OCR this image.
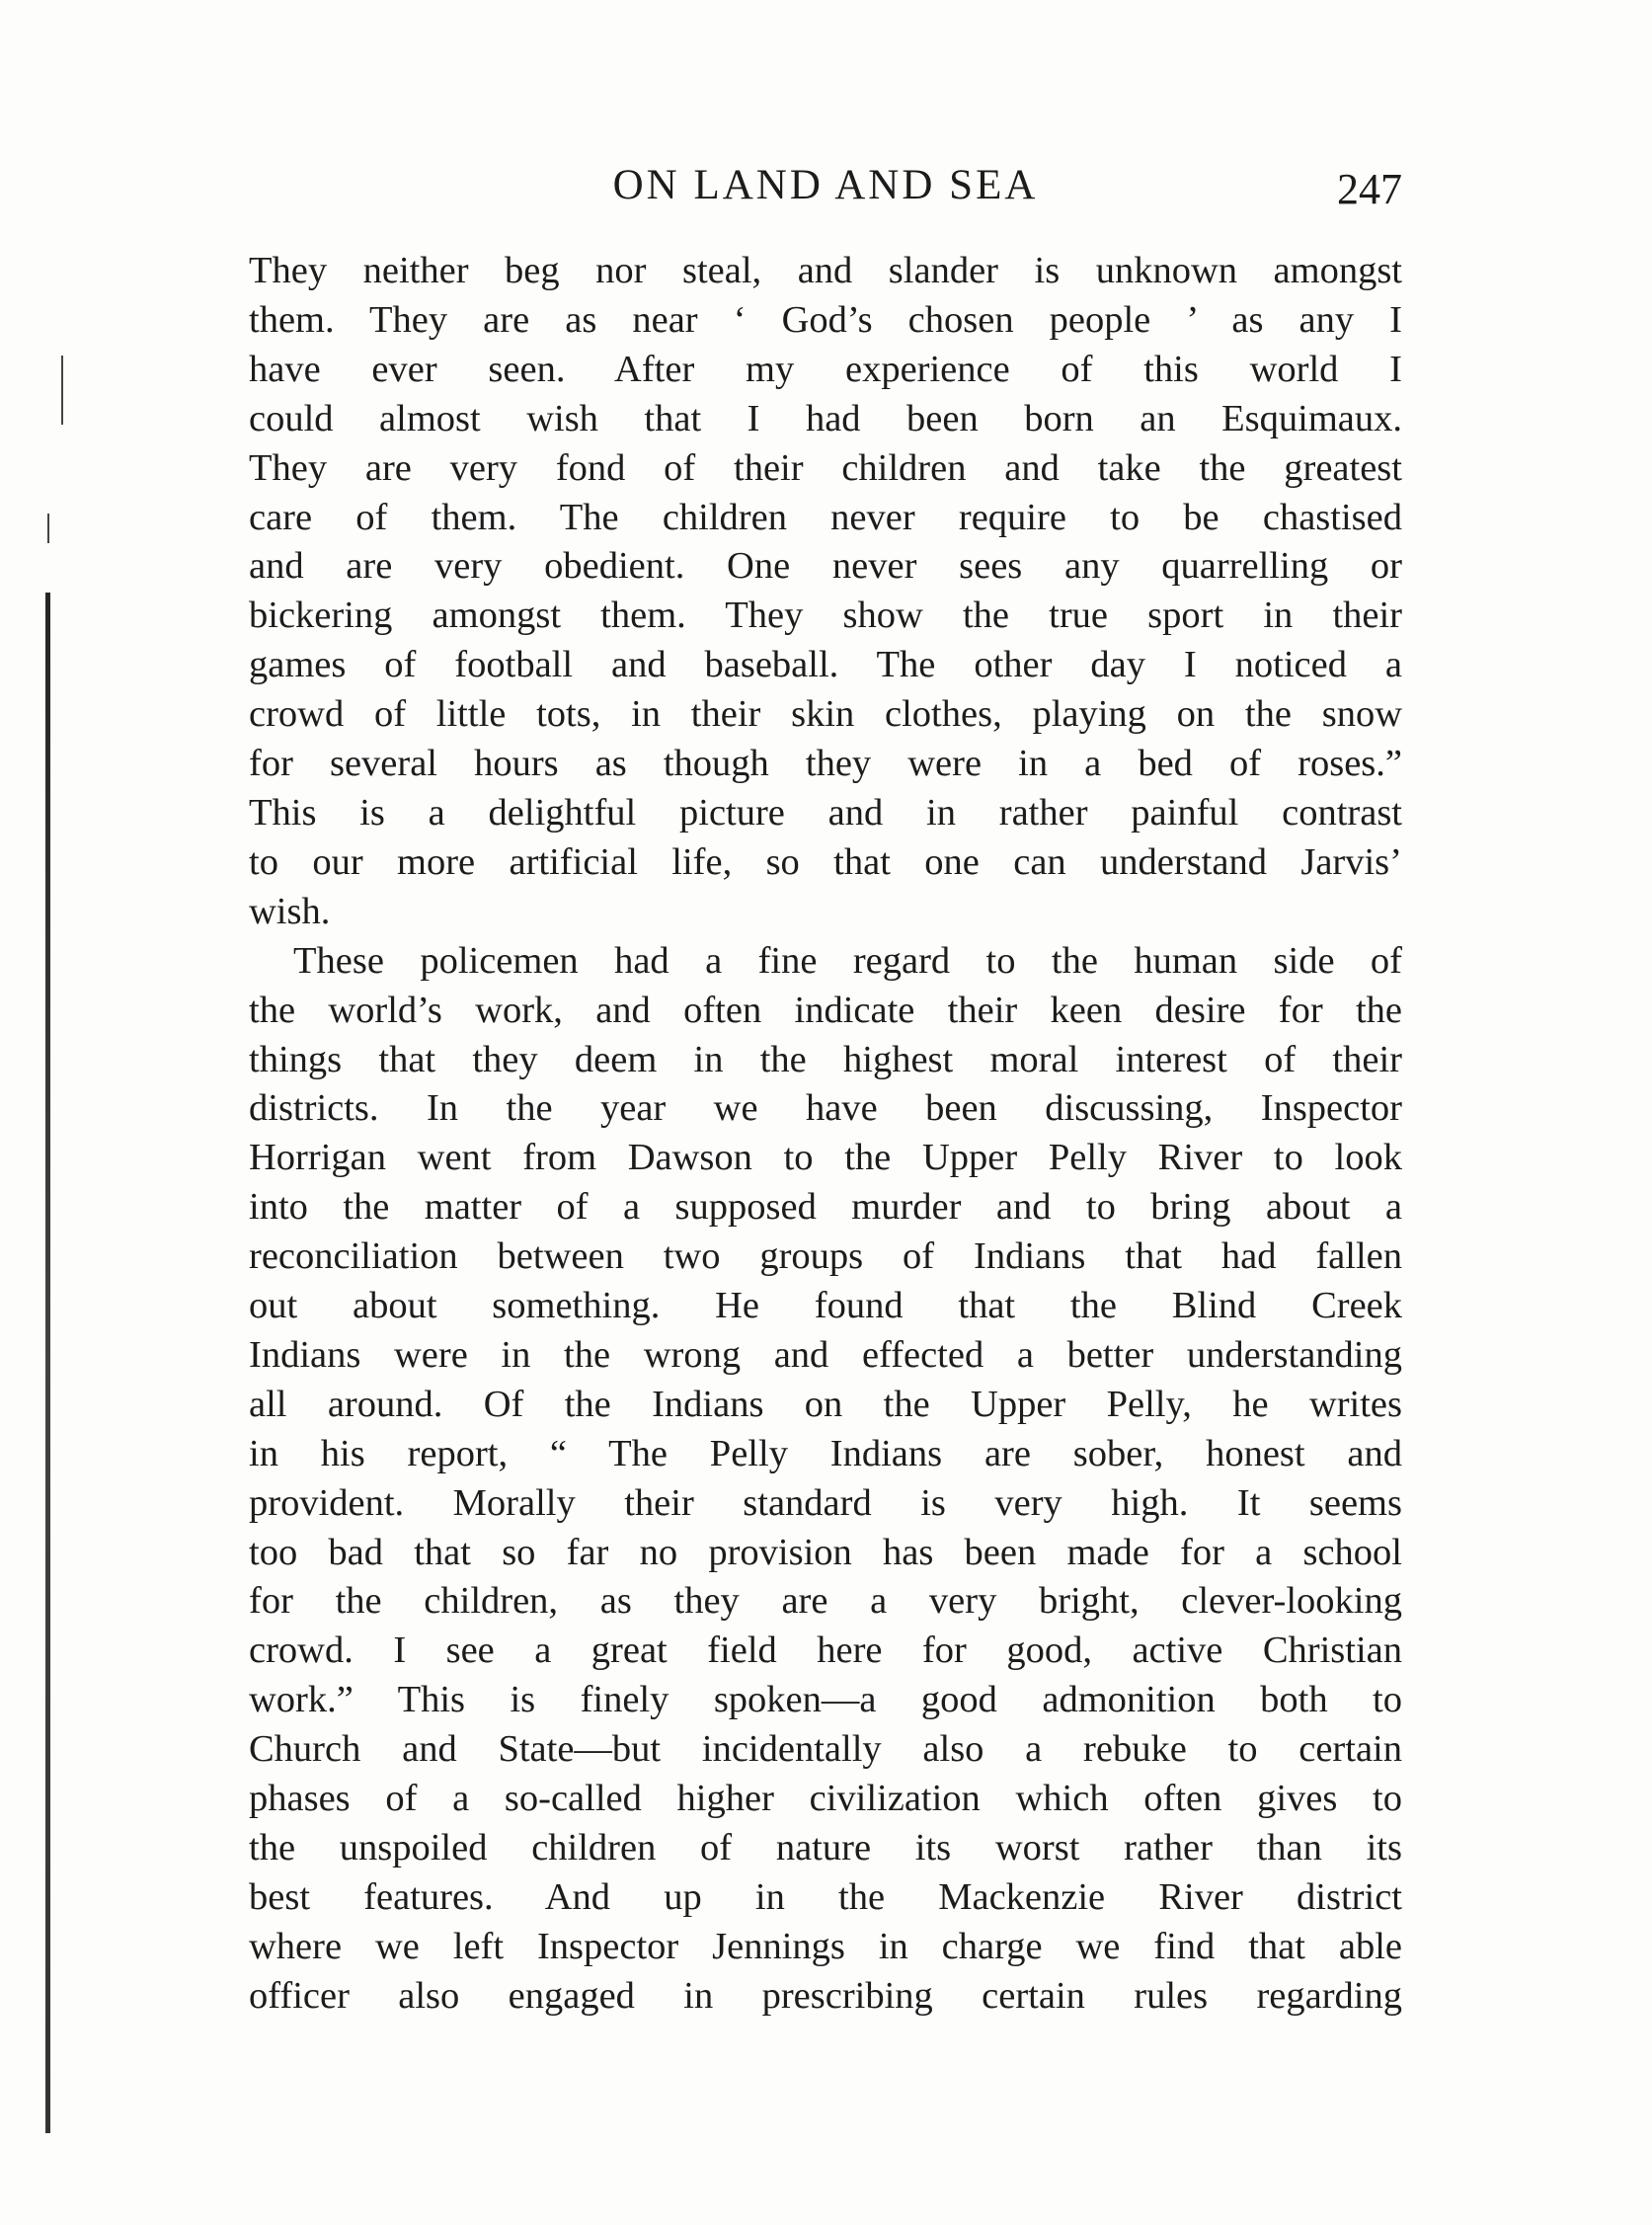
ON LAND AND SEA	247

They neither beg nor steal, and slander is unknown amongst
them. They are as near ‘ God’s chosen people ’ as any I
have ever seen. After my experience of this world I
could almost wish that I had been born an Esquimaux.
They are very fond of their children and take the greatest
care of them. The children never require to be chastised
and are very obedient. One never sees any quarrelling or
bickering amongst them. They show the true sport in their
games of football and baseball. The other day I noticed a
crowd of little tots, in their skin clothes, playing on the snow
for several hours as though they were in a bed of roses.”
This is a delightful picture and in rather painful contrast
to our more artificial life, so that one can understand Jarvis’
wish.

These policemen had a fine regard to the human side of
the world’s work, and often indicate their keen desire for the
things that they deem in the highest moral interest of their
districts. In the year we have been discussing, Inspector
Horrigan went from Dawson to the Upper Pelly River to look
into the matter of a supposed murder and to bring about a
reconciliation between two groups of Indians that had fallen
out about something. He found that the Blind Creek
Indians were in the wrong and effected a better understanding
all around. Of the Indians on the Upper Pelly, he writes
in his report, “ The Pelly Indians are sober, honest and
provident. Morally their standard is very high. It seems
too bad that so far no provision has been made for a school
for the children, as they are a very bright, clever-looking
crowd. I see a great field here for good, active Christian
work.” This is finely spoken—a good admonition both to
Church and State—but incidentally also a rebuke to certain
phases of a so-called higher civilization which often gives to
the unspoiled children of nature its worst rather than its
best features. And up in the Mackenzie River district
where we left Inspector Jennings in charge we find that able
officer also engaged in prescribing certain rules regarding
